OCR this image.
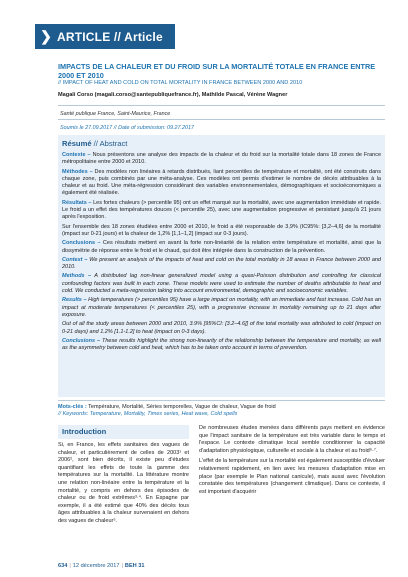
❯ ARTICLE // Article
IMPACTS DE LA CHALEUR ET DU FROID SUR LA MORTALITÉ TOTALE EN FRANCE ENTRE 2000 ET 2010
// IMPACT OF HEAT AND COLD ON TOTAL MORTALITY IN FRANCE BETWEEN 2000 AND 2010
Magali Corso (magali.corso@santepubliquefrance.fr), Mathilde Pascal, Vérène Wagner
Santé publique France, Saint-Maurice, France
Soumis le 27.09.2017 // Date of submission: 09.27.2017
Résumé // Abstract

Contexte – Nous présentons une analyse des impacts de la chaleur et du froid sur la mortalité totale dans 18 zones de France métropolitaine entre 2000 et 2010.

Méthodes – Des modèles non linéaires à retards distribués, liant percentiles de température et mortalité, ont été construits dans chaque zone, puis combinés par une méta-analyse. Ces modèles ont permis d'estimer le nombre de décès attribuables à la chaleur et au froid. Une méta-régression considérant des variables environnementales, démographiques et socioéconomiques a également été réalisée.

Résultats – Les fortes chaleurs (> percentile 95) ont un effet marqué sur la mortalité, avec une augmentation immédiate et rapide. Le froid a un effet des températures douces (< percentile 25), avec une augmentation progressive et persistant jusqu'à 21 jours après l'exposition.

Sur l'ensemble des 18 zones étudiées entre 2000 et 2010, le froid a été responsable de 3,9% (IC95%: [3,2–4,6] de la mortalité (impact sur 0-21 jours) et la chaleur de 1,2% [1,1–1,2] (impact sur 0-3 jours).

Conclusions – Ces résultats mettent en avant la forte non-linéarité de la relation entre température et mortalité, ainsi que la dissymétrie de réponse entre le froid et le chaud, qui doit être intégrée dans la construction de la prévention.

Context – We present an analysis of the impacts of heat and cold on the total mortality in 18 areas in France between 2000 and 2010.

Methods – A distributed lag non-linear generalized model using a quasi-Poisson distribution and controlling for classical confounding factors was built in each zone. These models were used to estimate the number of deaths attributable to heat and cold. We conducted a meta-regression taking into account environmental, demographic and socioeconomic variables.

Results – High temperatures (> percentiles 95) have a large impact on mortality, with an immediate and fast increase. Cold has an impact at moderate temperatures (< percentiles 25), with a progressive increase in mortality remaining up to 21 days after exposure.

Out of all the study areas between 2000 and 2010, 3.9% [95%CI: [3.2–4.6]] of the total mortality was attributed to cold (impact on 0-21 days) and 1.2% [1.1-1.2] to heat (impact on 0-3 days).

Conclusions – These results highlight the strong non-linearity of the relationship between the temperature and mortality, as well as the asymmetry between cold and heat, which has to be taken onto account in terms of prevention.

Mots-clés : Température, Mortalité, Séries temporelles, Vague de chaleur, Vague de froid
// Keywords: Temperature, Mortality, Times series, Heat wave, Cold spells
Introduction

Si, en France, les effets sanitaires des vagues de chaleur, et particulièrement de celles de 2003¹ et 2006², sont bien décrits, il existe peu d'études quantifiant les effets de toute la gamme des températures sur la mortalité. La littérature montre une relation non-linéaire entre la température et la mortalité, y compris en dehors des épisodes de chaleur ou de froid extrêmes³·⁴. En Espagne par exemple, il a été estimé que 40% des décès tous âges attribuables à la chaleur survenaient en dehors des vagues de chaleur⁵.

De nombreuses études menées dans différents pays mettent en évidence que l'impact sanitaire de la température est très variable dans le temps et l'espace. Le contexte climatique local semble conditionner la capacité d'adaptation physiologique, culturelle et sociale à la chaleur et au froid⁶·⁷.

L'effet de la température sur la mortalité est également susceptible d'évoluer relativement rapidement, en lien avec les mesures d'adaptation mise en place (par exemple le Plan national canicule), mais aussi avec l'évolution constatée des températures (changement climatique). Dans ce contexte, il est important d'acquérir

634 | 12 décembre 2017 | BEH 31
